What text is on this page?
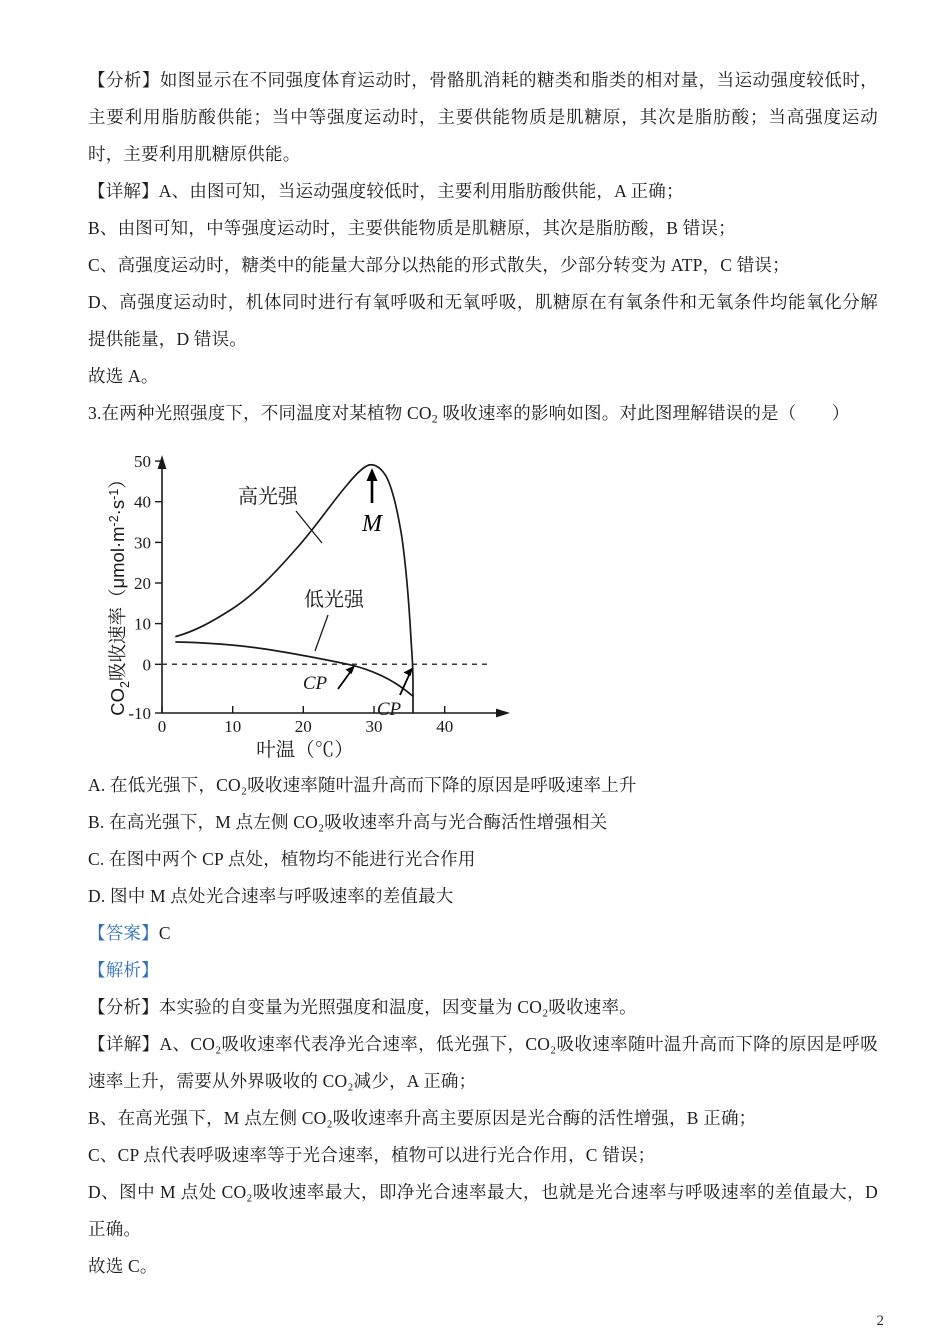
【分析】如图显示在不同强度体育运动时，骨骼肌消耗的糖类和脂类的相对量，当运动强度较低时，主要利用脂肪酸供能；当中等强度运动时，主要供能物质是肌糖原，其次是脂肪酸；当高强度运动时，主要利用肌糖原供能。

【详解】A、由图可知，当运动强度较低时，主要利用脂肪酸供能，A 正确；

B、由图可知，中等强度运动时，主要供能物质是肌糖原，其次是脂肪酸，B 错误；

C、高强度运动时，糖类中的能量大部分以热能的形式散失，少部分转变为 ATP，C 错误；

D、高强度运动时，机体同时进行有氧呼吸和无氧呼吸，肌糖原在有氧条件和无氧条件均能氧化分解提供能量，D 错误。

故选 A。

3.在两种光照强度下，不同温度对某植物 $CO_2$ 吸收速率的影响如图。对此图理解错误的是（　　）

50
40
30
20
10
0
-10
0	10	20	30	40
M
高光强
低光强
CP
CP
$CO_2$吸收速率$(\mu mol\cdot m^{-2}\cdot s^{-1})$
叶温（℃）

A. 在低光强下，CO₂吸收速率随叶温升高而下降的原因是呼吸速率上升

B. 在高光强下，M 点左侧 CO₂吸收速率升高与光合酶活性增强相关

C. 在图中两个 CP 点处，植物均不能进行光合作用

D. 图中 M 点处光合速率与呼吸速率的差值最大

【答案】C

【解析】

【分析】本实验的自变量为光照强度和温度，因变量为 CO₂吸收速率。

【详解】A、CO₂吸收速率代表净光合速率，低光强下，CO₂吸收速率随叶温升高而下降的原因是呼吸速率上升，需要从外界吸收的 CO₂减少，A 正确；

B、在高光强下，M 点左侧 CO₂吸收速率升高主要原因是光合酶的活性增强，B 正确；

C、CP 点代表呼吸速率等于光合速率，植物可以进行光合作用，C 错误；

D、图中 M 点处 CO₂吸收速率最大，即净光合速率最大，也就是光合速率与呼吸速率的差值最大，D 正确。

故选 C。

2
